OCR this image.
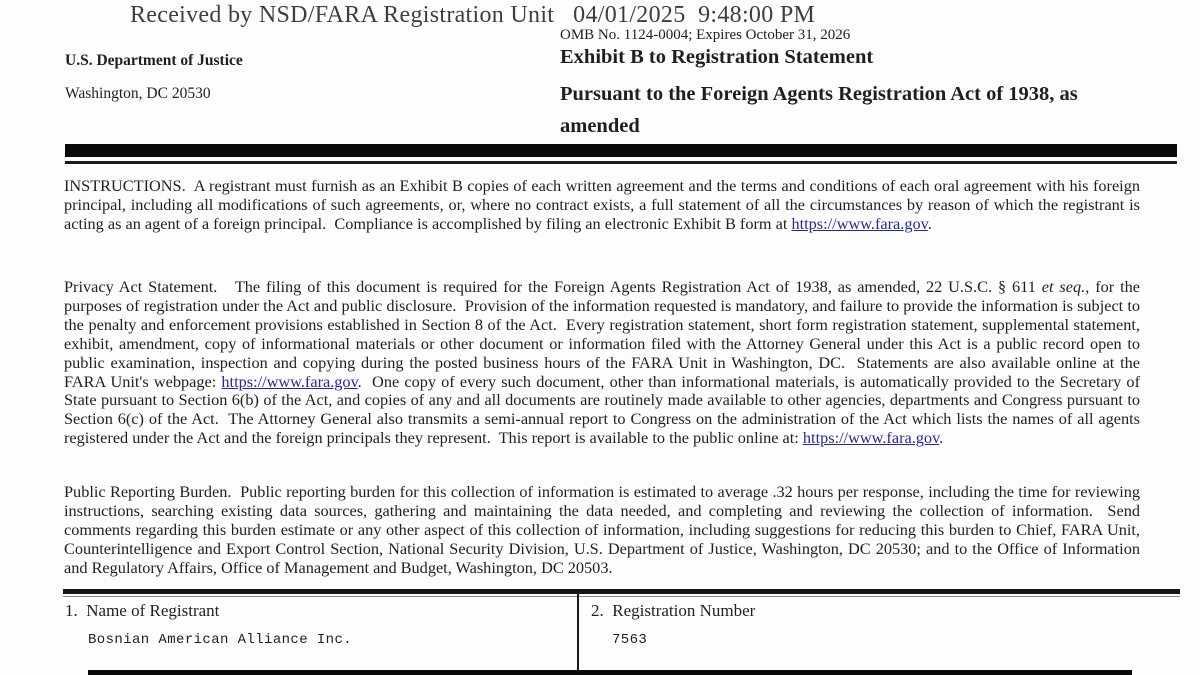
Received by NSD/FARA Registration Unit   04/01/2025  9:48:00 PM
OMB No. 1124-0004; Expires October 31, 2026
U.S. Department of Justice
Washington, DC 20530
Exhibit B to Registration Statement
Pursuant to the Foreign Agents Registration Act of 1938, as amended
INSTRUCTIONS.  A registrant must furnish as an Exhibit B copies of each written agreement and the terms and conditions of each oral agreement with his foreign principal, including all modifications of such agreements, or, where no contract exists, a full statement of all the circumstances by reason of which the registrant is acting as an agent of a foreign principal.  Compliance is accomplished by filing an electronic Exhibit B form at https://www.fara.gov.
Privacy Act Statement.   The filing of this document is required for the Foreign Agents Registration Act of 1938, as amended, 22 U.S.C. § 611 et seq., for the purposes of registration under the Act and public disclosure.  Provision of the information requested is mandatory, and failure to provide the information is subject to the penalty and enforcement provisions established in Section 8 of the Act.  Every registration statement, short form registration statement, supplemental statement, exhibit, amendment, copy of informational materials or other document or information filed with the Attorney General under this Act is a public record open to public examination, inspection and copying during the posted business hours of the FARA Unit in Washington, DC.  Statements are also available online at the FARA Unit's webpage: https://www.fara.gov.  One copy of every such document, other than informational materials, is automatically provided to the Secretary of State pursuant to Section 6(b) of the Act, and copies of any and all documents are routinely made available to other agencies, departments and Congress pursuant to Section 6(c) of the Act.  The Attorney General also transmits a semi-annual report to Congress on the administration of the Act which lists the names of all agents registered under the Act and the foreign principals they represent.  This report is available to the public online at: https://www.fara.gov.
Public Reporting Burden.  Public reporting burden for this collection of information is estimated to average .32 hours per response, including the time for reviewing instructions, searching existing data sources, gathering and maintaining the data needed, and completing and reviewing the collection of information.  Send comments regarding this burden estimate or any other aspect of this collection of information, including suggestions for reducing this burden to Chief, FARA Unit, Counterintelligence and Export Control Section, National Security Division, U.S. Department of Justice, Washington, DC 20530; and to the Office of Information and Regulatory Affairs, Office of Management and Budget, Washington, DC 20503.
1.  Name of Registrant
Bosnian American Alliance Inc.
2.  Registration Number
7563
